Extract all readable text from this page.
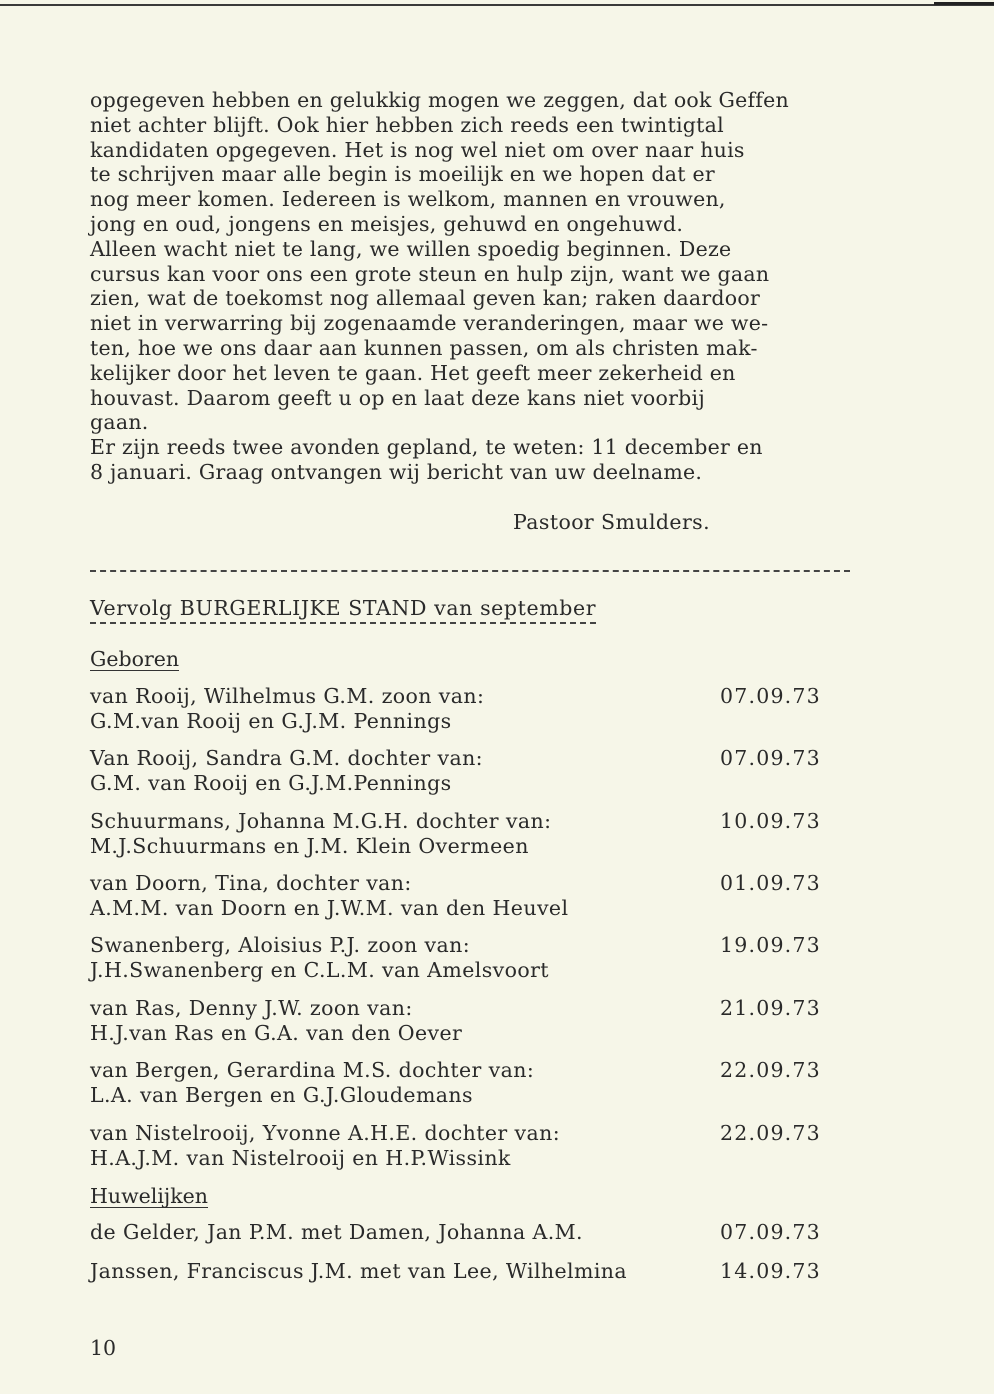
opgegeven hebben en gelukkig mogen we zeggen, dat ook Geffen
niet achter blijft. Ook hier hebben zich reeds een twintigtal
kandidaten opgegeven. Het is nog wel niet om over naar huis
te schrijven maar alle begin is moeilijk en we hopen dat er
nog meer komen. Iedereen is welkom, mannen en vrouwen,
jong en oud, jongens en meisjes, gehuwd en ongehuwd.
Alleen wacht niet te lang, we willen spoedig beginnen. Deze
cursus kan voor ons een grote steun en hulp zijn, want we gaan
zien, wat de toekomst nog allemaal geven kan; raken daardoor
niet in verwarring bij zogenaamde veranderingen, maar we we-
ten, hoe we ons daar aan kunnen passen, om als christen mak-
kelijker door het leven te gaan. Het geeft meer zekerheid en
houvast. Daarom geeft u op en laat deze kans niet voorbij
gaan.
Er zijn reeds twee avonden gepland, te weten: 11 december en
8 januari. Graag ontvangen wij bericht van uw deelname.
Pastoor Smulders.
Vervolg BURGERLIJKE STAND van september
Geboren
van Rooij, Wilhelmus G.M. zoon van:
G.M.van Rooij en G.J.M. Pennings
07.09.73
Van Rooij, Sandra G.M. dochter van:
G.M. van Rooij en G.J.M.Pennings
07.09.73
Schuurmans, Johanna M.G.H. dochter van:
M.J.Schuurmans en J.M. Klein Overmeen
10.09.73
van Doorn, Tina, dochter van:
A.M.M. van Doorn en J.W.M. van den Heuvel
01.09.73
Swanenberg, Aloisius P.J. zoon van:
J.H.Swanenberg en C.L.M. van Amelsvoort
19.09.73
van Ras, Denny J.W. zoon van:
H.J.van Ras en G.A. van den Oever
21.09.73
van Bergen, Gerardina M.S. dochter van:
L.A. van Bergen en G.J.Gloudemans
22.09.73
van Nistelrooij, Yvonne A.H.E. dochter van:
H.A.J.M. van Nistelrooij en H.P.Wissink
22.09.73
Huwelijken
de Gelder, Jan P.M. met Damen, Johanna A.M.	07.09.73
Janssen, Franciscus J.M. met van Lee, Wilhelmina	14.09.73
10
